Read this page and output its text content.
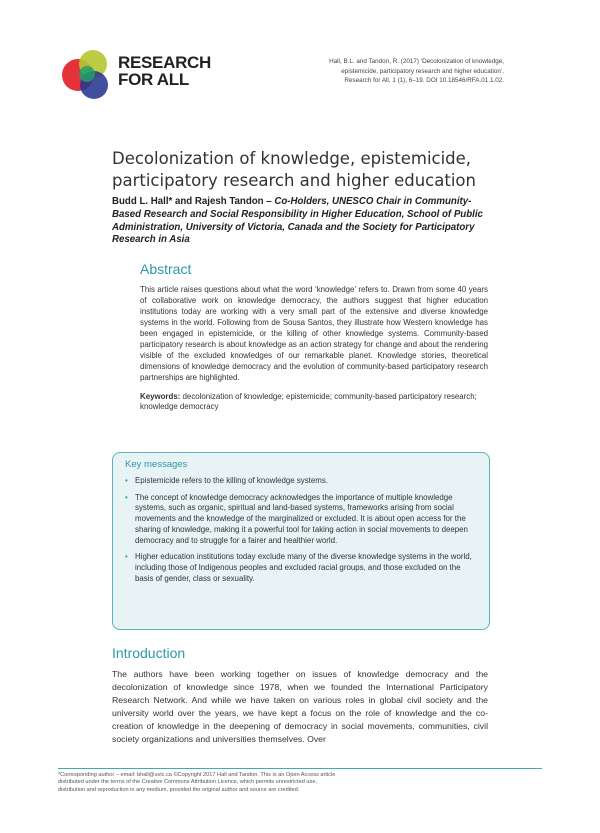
RESEARCH
FOR ALL
Hall, B.L. and Tandon, R. (2017) ‘Decolonization of knowledge,
epistemicide, participatory research and higher education’.
Research for All, 1 (1), 6–19. DOI 10.18546/RFA.01.1.02.
Decolonization of knowledge, epistemicide, participatory research and higher education
Budd L. Hall* and Rajesh Tandon – Co-Holders, UNESCO Chair in Community-Based Research and Social Responsibility in Higher Education, School of Public Administration, University of Victoria, Canada and the Society for Participatory Research in Asia
Abstract

This article raises questions about what the word ‘knowledge’ refers to. Drawn from some 40 years of collaborative work on knowledge democracy, the authors suggest that higher education institutions today are working with a very small part of the extensive and diverse knowledge systems in the world. Following from de Sousa Santos, they illustrate how Western knowledge has been engaged in epistemicide, or the killing of other knowledge systems. Community-based participatory research is about knowledge as an action strategy for change and about the rendering visible of the excluded knowledges of our remarkable planet. Knowledge stories, theoretical dimensions of knowledge democracy and the evolution of community-based participatory research partnerships are highlighted.

Keywords: decolonization of knowledge; epistemicide; community-based participatory research; knowledge democracy
Key messages
• Epistemicide refers to the killing of knowledge systems.
• The concept of knowledge democracy acknowledges the importance of multiple knowledge systems, such as organic, spiritual and land-based systems, frameworks arising from social movements and the knowledge of the marginalized or excluded. It is about open access for the sharing of knowledge, making it a powerful tool for taking action in social movements to deepen democracy and to struggle for a fairer and healthier world.
• Higher education institutions today exclude many of the diverse knowledge systems in the world, including those of Indigenous peoples and excluded racial groups, and those excluded on the basis of gender, class or sexuality.
Introduction

The authors have been working together on issues of knowledge democracy and the decolonization of knowledge since 1978, when we founded the International Participatory Research Network. And while we have taken on various roles in global civil society and the university world over the years, we have kept a focus on the role of knowledge and the co-creation of knowledge in the deepening of democracy in social movements, communities, civil society organizations and universities themselves. Over

*Corresponding author – email: bhall@uvic.ca ©Copyright 2017 Hall and Tandon. This is an Open Access article
distributed under the terms of the Creative Commons Attribution Licence, which permits unrestricted use,
distribution and reproduction in any medium, provided the original author and source are credited.
